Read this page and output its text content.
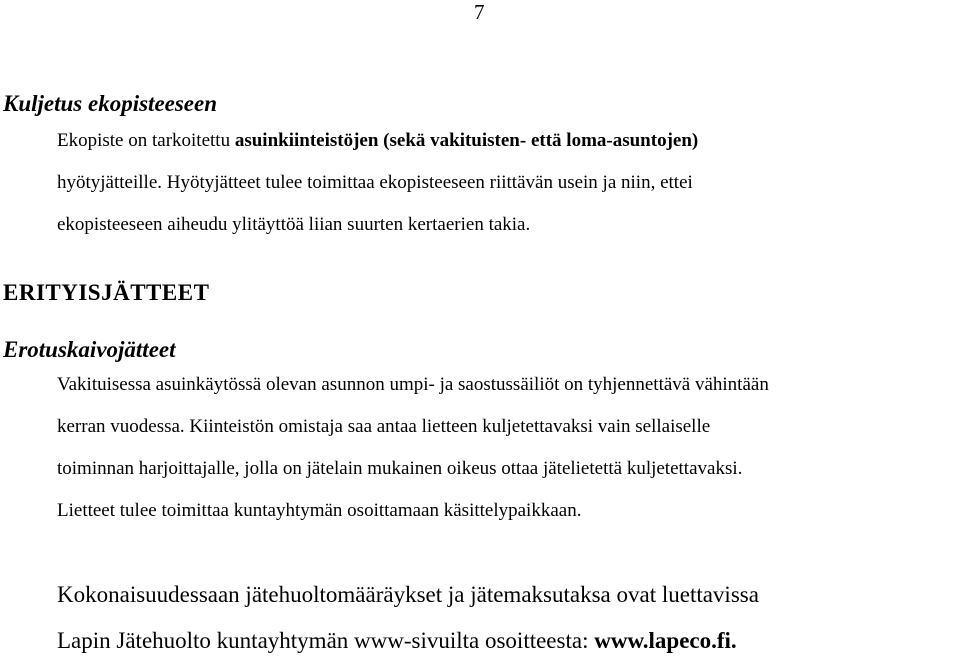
7
Kuljetus ekopisteeseen
Ekopiste on tarkoitettu asuinkiinteistöjen (sekä vakituisten- että loma-asuntojen)
hyötyjätteille. Hyötyjätteet tulee toimittaa ekopisteeseen riittävän usein ja niin, ettei
ekopisteeseen aiheudu ylitäyttöä liian suurten kertaerien takia.
ERITYISJÄTTEET
Erotuskaivojätteet
Vakituisessa asuinkäytössä olevan asunnon umpi- ja saostussäiliöt on tyhjennettävä vähintään
kerran vuodessa. Kiinteistön omistaja saa antaa lietteen kuljetettavaksi vain sellaiselle
toiminnan harjoittajalle, jolla on jätelain mukainen oikeus ottaa jätelietettä kuljetettavaksi.
Lietteet tulee toimittaa kuntayhtymän osoittamaan käsittelypaikkaan.
Kokonaisuudessaan jätehuoltomääräykset ja jätemaksutaksa ovat luettavissa
Lapin Jätehuolto kuntayhtymän www-sivuilta osoitteesta: www.lapeco.fi.
